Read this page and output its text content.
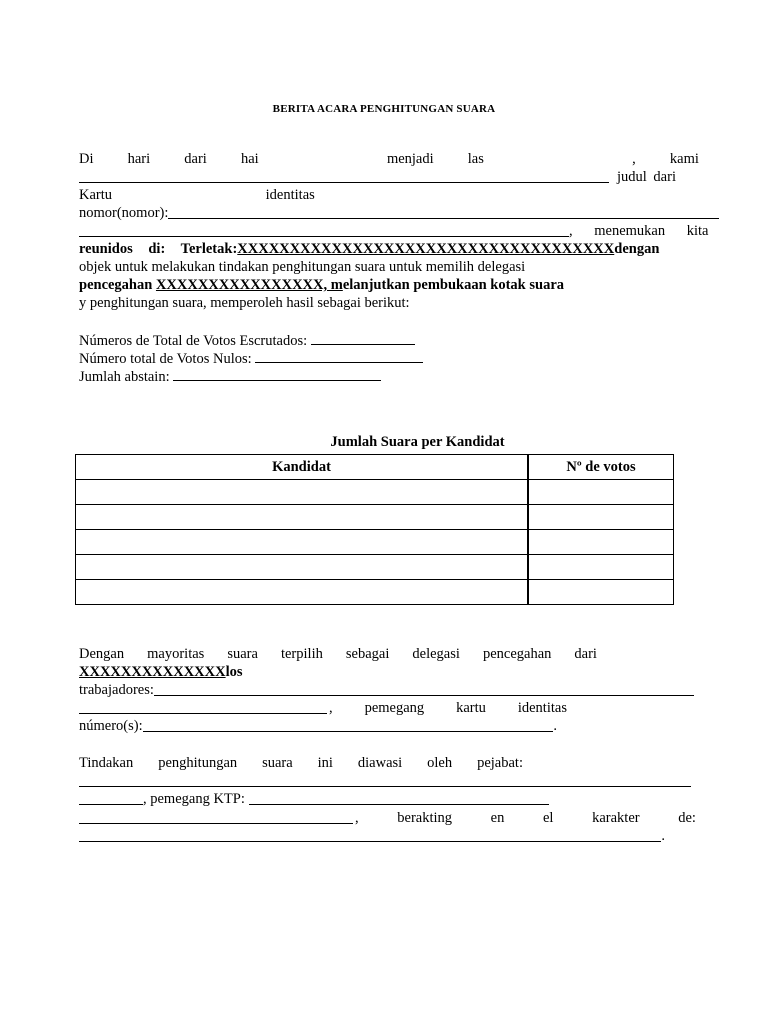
BERITA ACARA PENGHITUNGAN SUARA
Di hari dari hai	menjadi las	, kami
judul dari
Kartu	identitas
nomor(nomor):
, menemukan kita
reunidos di: Terletak:XXXXXXXXXXXXXXXXXXXXXXXXXXXXXXXXXXXXdengan
objek untuk melakukan tindakan penghitungan suara untuk memilih delegasi
pencegahan XXXXXXXXXXXXXXXX, melanjutkan pembukaan kotak suara
y penghitungan suara, memperoleh hasil sebagai berikut:
Números de Total de Votos Escrutados:
Número total de Votos Nulos:
Jumlah abstain:
Jumlah Suara per Kandidat
Kandidat	Nº de votos

Dengan mayoritas suara terpilih sebagai delegasi pencegahan dari
XXXXXXXXXXXXXXlos
trabajadores:
, pemegang kartu identitas
número(s):	.
Tindakan penghitungan suara ini diawasi oleh pejabat:
, pemegang KTP:
,	berakting	en	el	karakter	de:
.
